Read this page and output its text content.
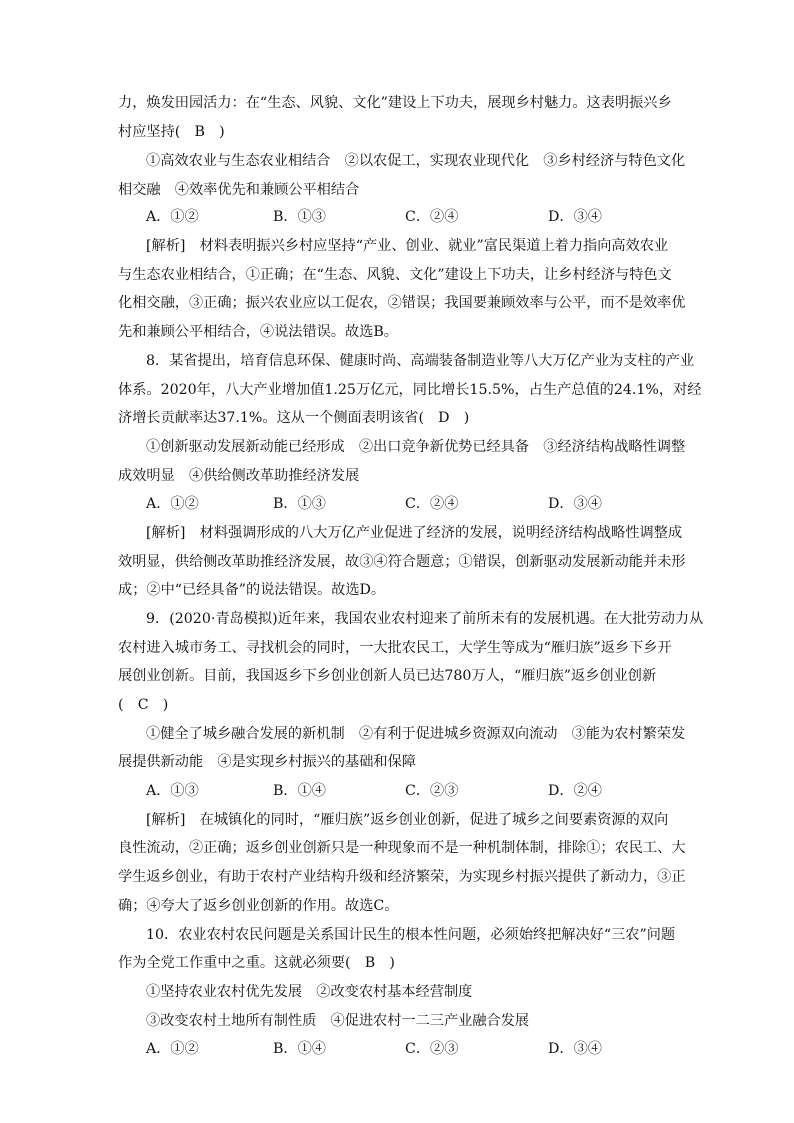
力，焕发田园活力：在“生态、风貌、文化”建设上下功夫，展现乡村魅力。这表明振兴乡
村应坚持(　B　)
①高效农业与生态农业相结合　②以农促工，实现农业现代化　③乡村经济与特色文化
相交融　④效率优先和兼顾公平相结合
A．①②	B．①③	C．②④	D．③④
[解析]　材料表明振兴乡村应坚持“产业、创业、就业”富民渠道上着力指向高效农业
与生态农业相结合，①正确；在“生态、风貌、文化”建设上下功夫，让乡村经济与特色文
化相交融，③正确；振兴农业应以工促农，②错误；我国要兼顾效率与公平，而不是效率优
先和兼顾公平相结合，④说法错误。故选B。
8．某省提出，培育信息环保、健康时尚、高端装备制造业等八大万亿产业为支柱的产业
体系。2020年，八大产业增加值1.25万亿元，同比增长15.5%，占生产总值的24.1%，对经
济增长贡献率达37.1%。这从一个侧面表明该省(　D　)
①创新驱动发展新动能已经形成　②出口竞争新优势已经具备　③经济结构战略性调整
成效明显　④供给侧改革助推经济发展
A．①②	B．①③	C．②④	D．③④
[解析]　材料强调形成的八大万亿产业促进了经济的发展，说明经济结构战略性调整成
效明显，供给侧改革助推经济发展，故③④符合题意；①错误，创新驱动发展新动能并未形
成；②中“已经具备”的说法错误。故选D。
9．(2020·青岛模拟)近年来，我国农业农村迎来了前所未有的发展机遇。在大批劳动力从
农村进入城市务工、寻找机会的同时，一大批农民工，大学生等成为“雁归族”返乡下乡开
展创业创新。目前，我国返乡下乡创业创新人员已达780万人，“雁归族”返乡创业创新
(　C　)
①健全了城乡融合发展的新机制　②有利于促进城乡资源双向流动　③能为农村繁荣发
展提供新动能　④是实现乡村振兴的基础和保障
A．①③	B．①④	C．②③	D．②④
[解析]　在城镇化的同时，“雁归族”返乡创业创新，促进了城乡之间要素资源的双向
良性流动，②正确；返乡创业创新只是一种现象而不是一种机制体制，排除①；农民工、大
学生返乡创业，有助于农村产业结构升级和经济繁荣，为实现乡村振兴提供了新动力，③正
确；④夸大了返乡创业创新的作用。故选C。
10．农业农村农民问题是关系国计民生的根本性问题，必须始终把解决好“三农”问题
作为全党工作重中之重。这就必须要(　B　)
①坚持农业农村优先发展　②改变农村基本经营制度
③改变农村土地所有制性质　④促进农村一二三产业融合发展
A．①②	B．①④	C．②③	D．③④
